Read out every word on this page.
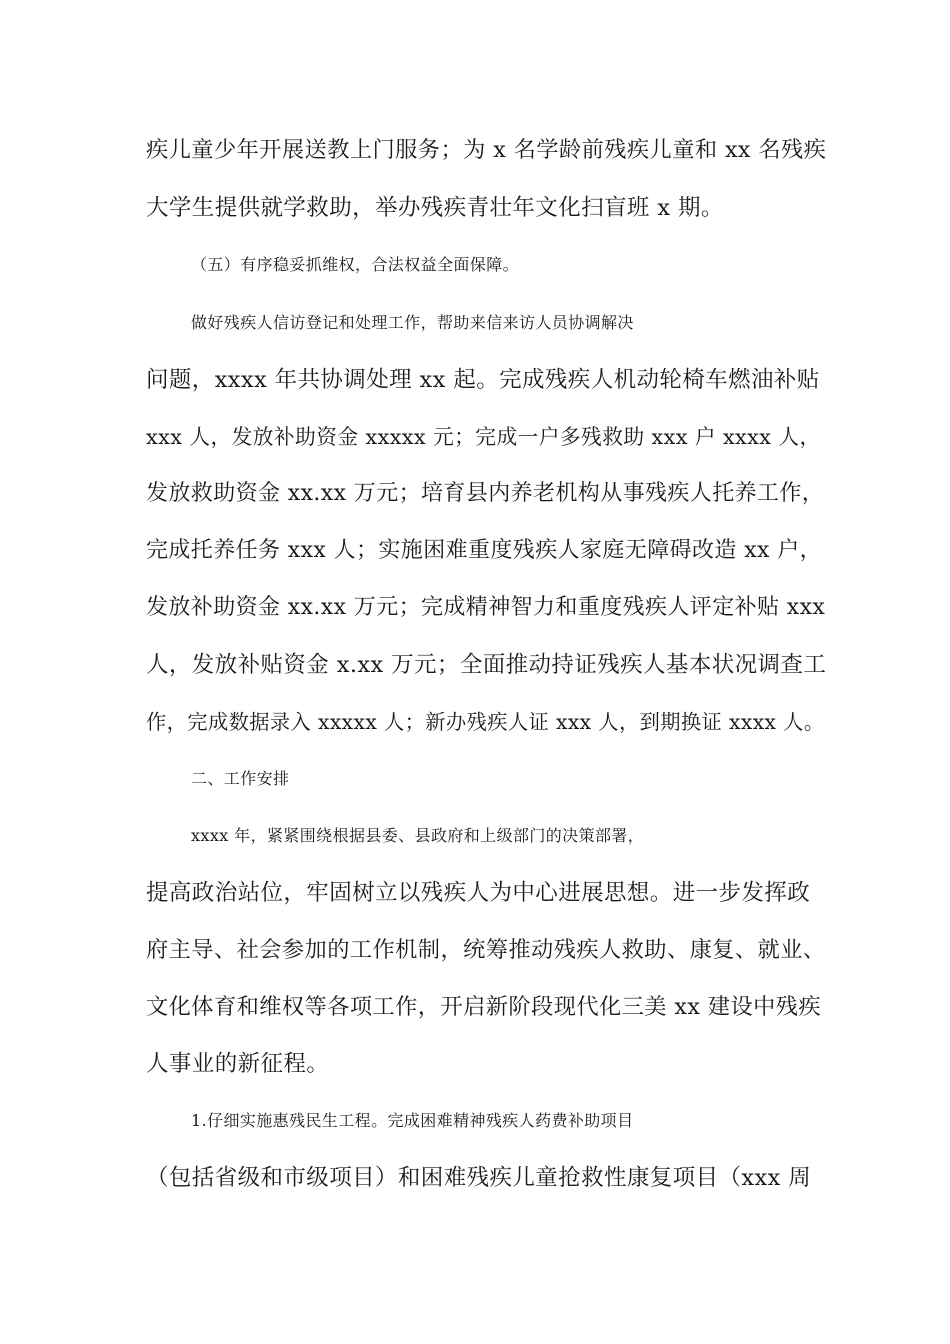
疾儿童少年开展送教上门服务；为 x 名学龄前残疾儿童和 xx 名残疾
大学生提供就学救助，举办残疾青壮年文化扫盲班 x 期。
（五）有序稳妥抓维权，合法权益全面保障。
做好残疾人信访登记和处理工作，帮助来信来访人员协调解决
问题，xxxx 年共协调处理 xx 起。完成残疾人机动轮椅车燃油补贴
xxx 人，发放补助资金 xxxxx 元；完成一户多残救助 xxx 户 xxxx 人，
发放救助资金 xx.xx 万元；培育县内养老机构从事残疾人托养工作，
完成托养任务 xxx 人；实施困难重度残疾人家庭无障碍改造 xx 户，
发放补助资金 xx.xx 万元；完成精神智力和重度残疾人评定补贴 xxx
人，发放补贴资金 x.xx 万元；全面推动持证残疾人基本状况调查工
作，完成数据录入 xxxxx 人；新办残疾人证 xxx 人，到期换证 xxxx 人。
二、工作安排
xxxx 年，紧紧围绕根据县委、县政府和上级部门的决策部署，
提高政治站位，牢固树立以残疾人为中心进展思想。进一步发挥政
府主导、社会参加的工作机制，统筹推动残疾人救助、康复、就业、
文化体育和维权等各项工作，开启新阶段现代化三美 xx 建设中残疾
人事业的新征程。
1.仔细实施惠残民生工程。完成困难精神残疾人药费补助项目
（包括省级和市级项目）和困难残疾儿童抢救性康复项目（xxx 周
